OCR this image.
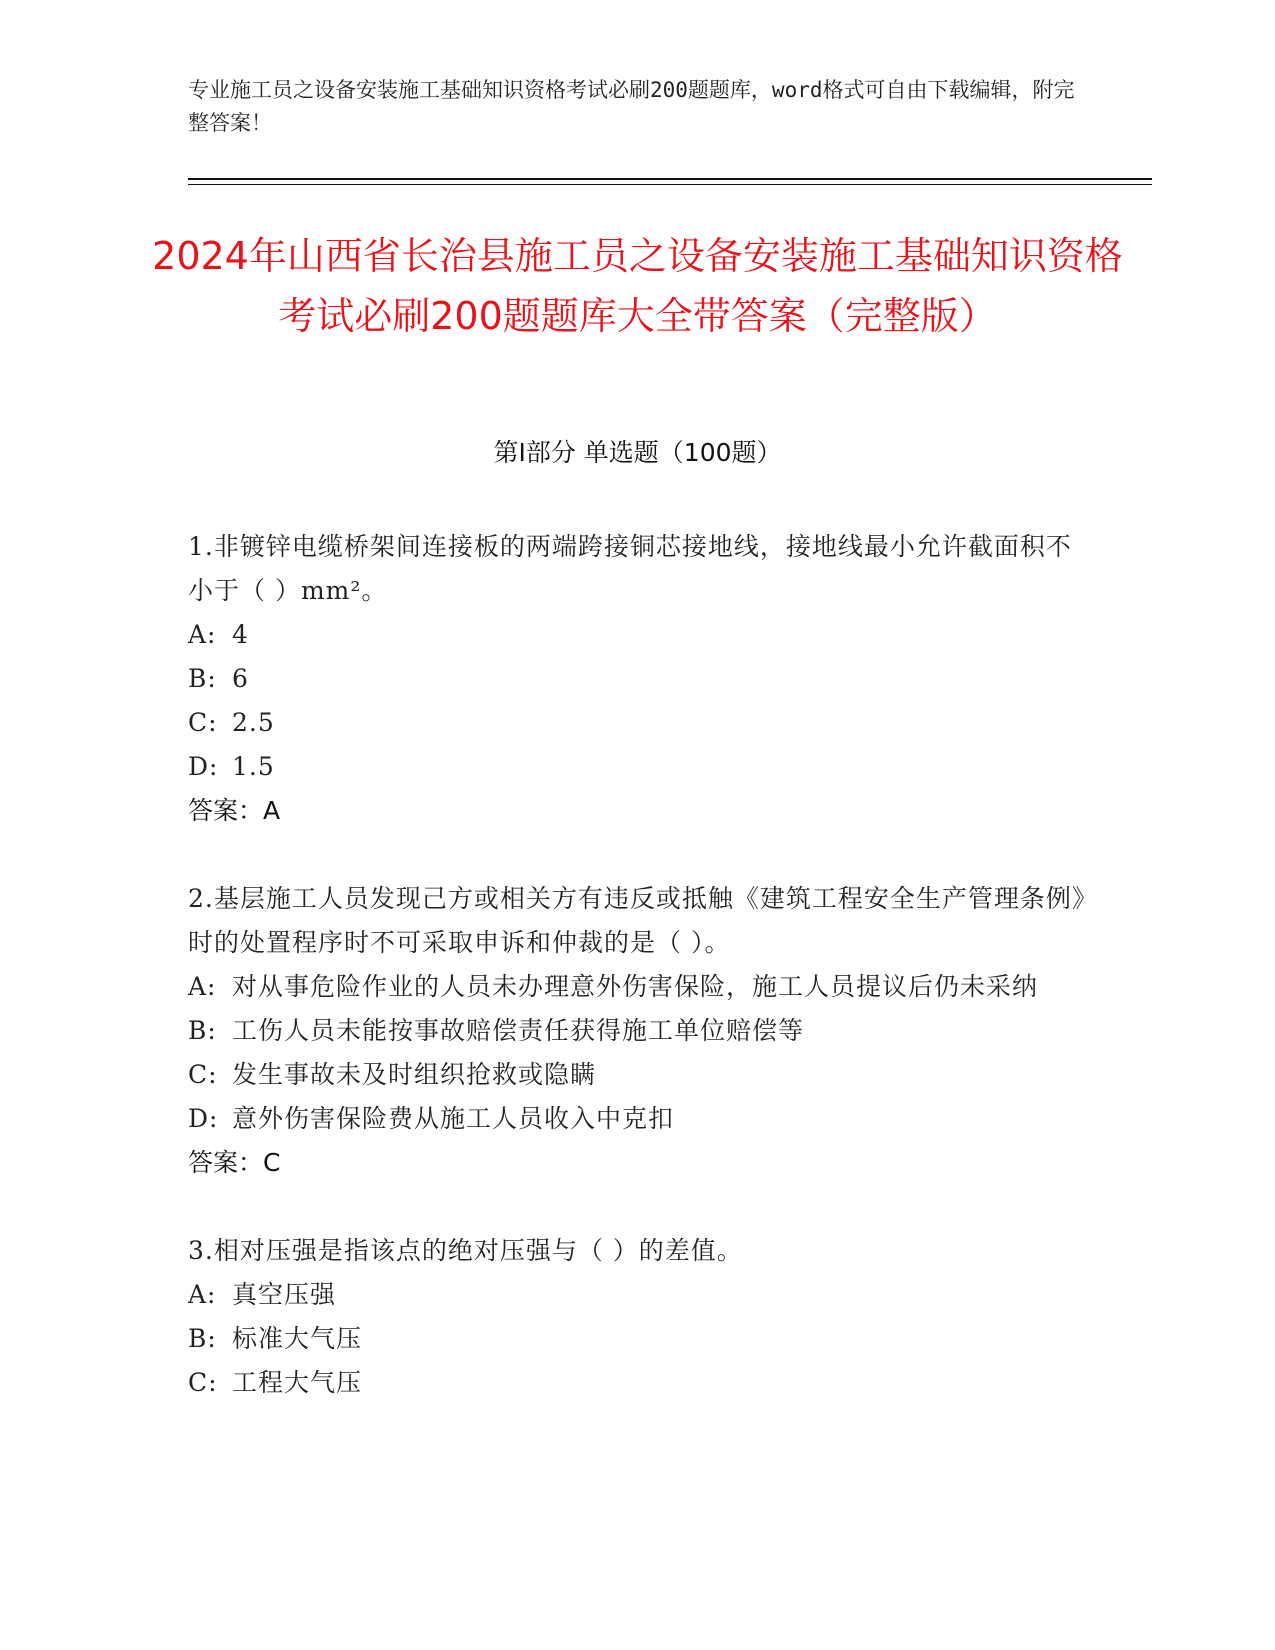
专业施工员之设备安装施工基础知识资格考试必刷200题题库，word格式可自由下载编辑，附完整答案！
2024年山西省长治县施工员之设备安装施工基础知识资格考试必刷200题题库大全带答案（完整版）
第Ⅰ部分 单选题（100题）
1.非镀锌电缆桥架间连接板的两端跨接铜芯接地线，接地线最小允许截面积不小于（ ）mm²。
A: 4
B: 6
C: 2.5
D: 1.5
答案：A
2.基层施工人员发现己方或相关方有违反或抵触《建筑工程安全生产管理条例》时的处置程序时不可采取申诉和仲裁的是（ ）。
A: 对从事危险作业的人员未办理意外伤害保险，施工人员提议后仍未采纳
B: 工伤人员未能按事故赔偿责任获得施工单位赔偿等
C: 发生事故未及时组织抢救或隐瞒
D: 意外伤害保险费从施工人员收入中克扣
答案：C
3.相对压强是指该点的绝对压强与（ ）的差值。
A: 真空压强
B: 标准大气压
C: 工程大气压
